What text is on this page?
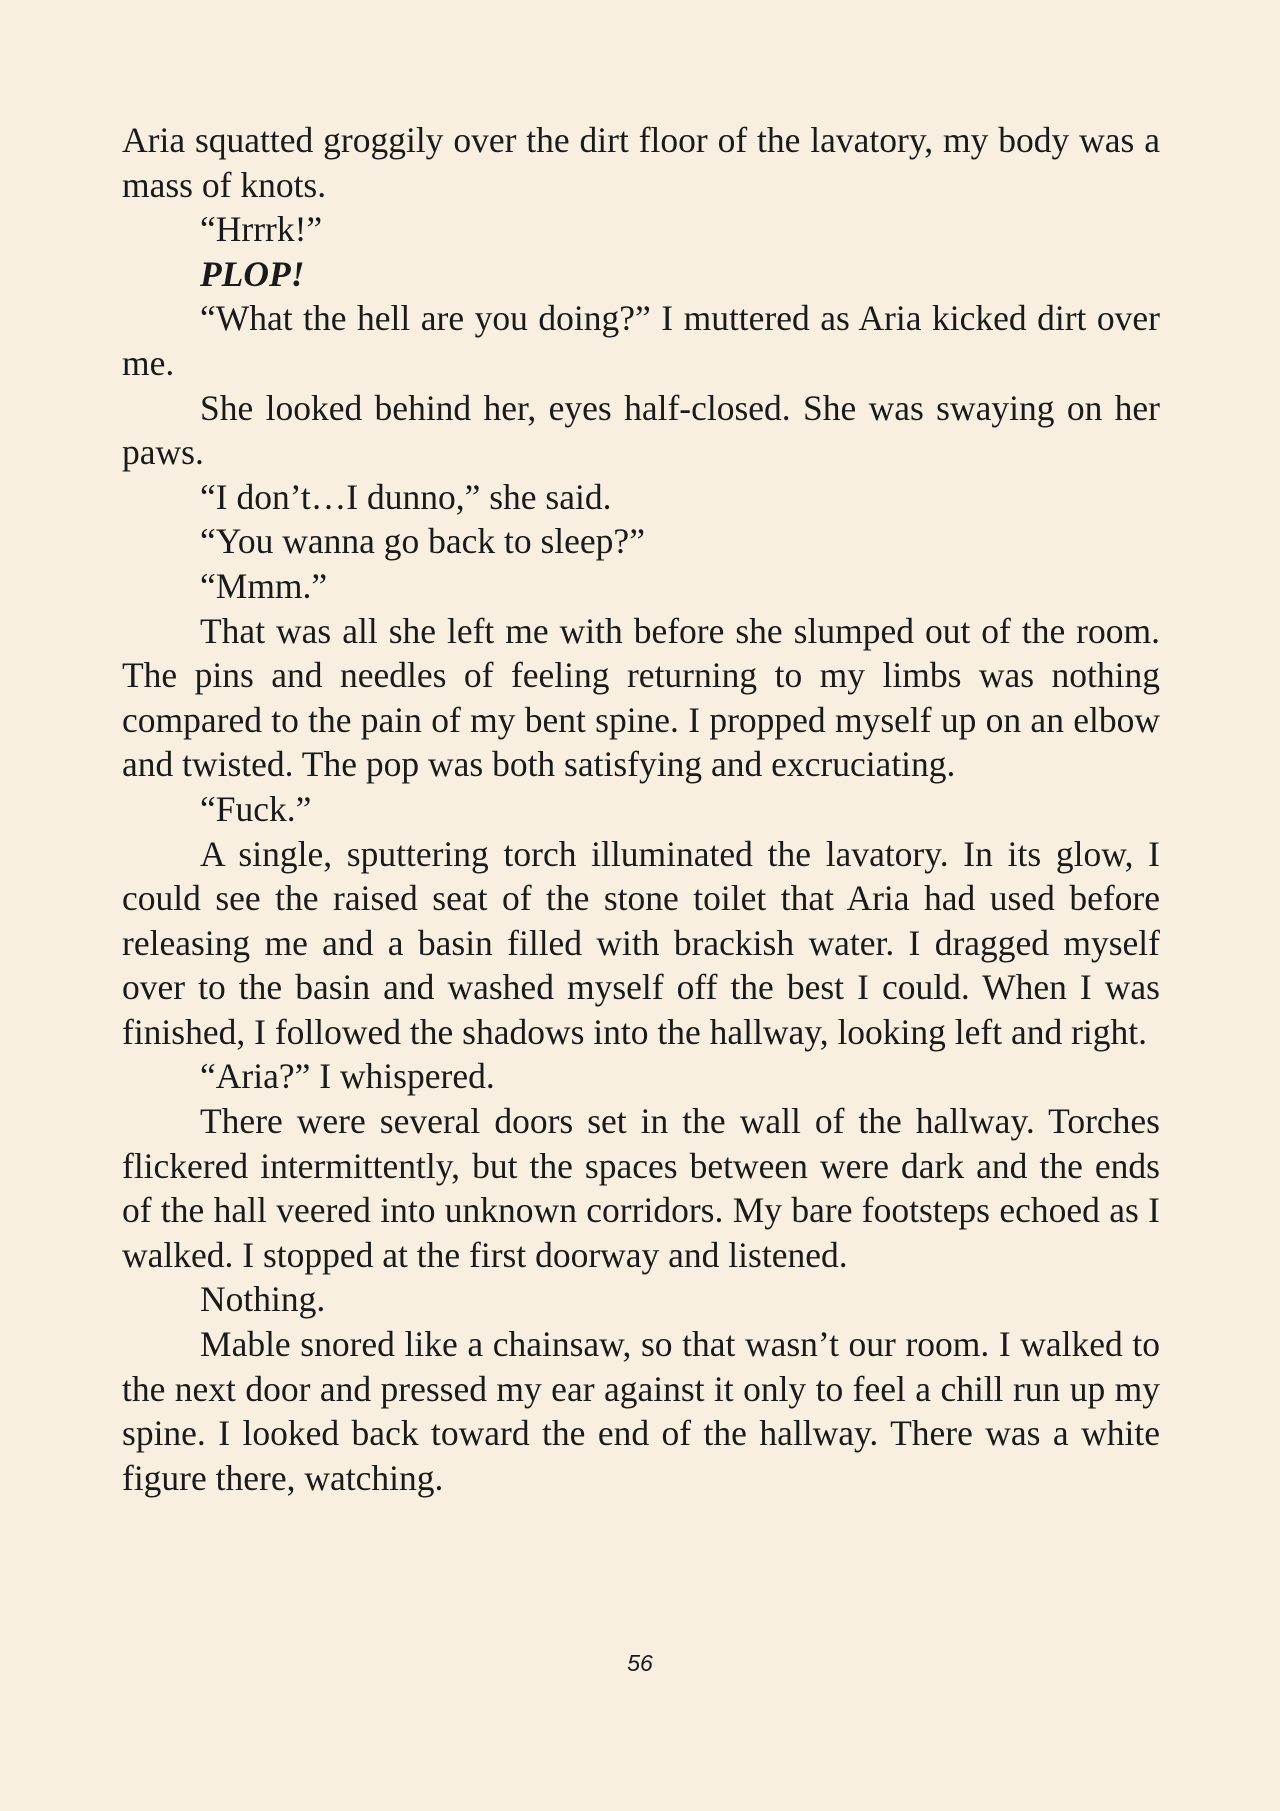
Aria squatted groggily over the dirt floor of the lavatory, my body was a mass of knots.

“Hrrrk!”

PLOP!

“What the hell are you doing?” I muttered as Aria kicked dirt over me.

She looked behind her, eyes half-closed. She was swaying on her paws.

“I don’t…I dunno,” she said.

“You wanna go back to sleep?”

“Mmm.”

That was all she left me with before she slumped out of the room. The pins and needles of feeling returning to my limbs was nothing compared to the pain of my bent spine. I propped myself up on an elbow and twisted. The pop was both satisfying and excruciating.

“Fuck.”

A single, sputtering torch illuminated the lavatory. In its glow, I could see the raised seat of the stone toilet that Aria had used before releasing me and a basin filled with brackish water. I dragged myself over to the basin and washed myself off the best I could. When I was finished, I followed the shadows into the hallway, looking left and right.

“Aria?” I whispered.

There were several doors set in the wall of the hallway. Torches flickered intermittently, but the spaces between were dark and the ends of the hall veered into unknown corridors. My bare footsteps echoed as I walked. I stopped at the first doorway and listened.

Nothing.

Mable snored like a chainsaw, so that wasn’t our room. I walked to the next door and pressed my ear against it only to feel a chill run up my spine. I looked back toward the end of the hallway. There was a white figure there, watching.

56
